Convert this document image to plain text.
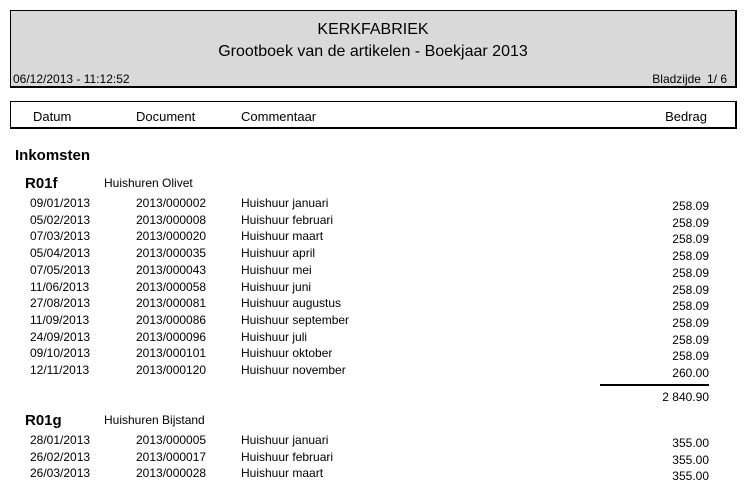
KERKFABRIEK
Grootboek van de artikelen - Boekjaar 2013
06/12/2013 - 11:12:52	Bladzijde 1/ 6
Datum	Document	Commentaar	Bedrag
Inkomsten
R01f	Huishuren Olivet
09/01/2013	2013/000002	Huishuur januari	258.09
05/02/2013	2013/000008	Huishuur februari	258.09
07/03/2013	2013/000020	Huishuur maart	258.09
05/04/2013	2013/000035	Huishuur april	258.09
07/05/2013	2013/000043	Huishuur mei	258.09
11/06/2013	2013/000058	Huishuur juni	258.09
27/08/2013	2013/000081	Huishuur augustus	258.09
11/09/2013	2013/000086	Huishuur september	258.09
24/09/2013	2013/000096	Huishuur juli	258.09
09/10/2013	2013/000101	Huishuur oktober	258.09
12/11/2013	2013/000120	Huishuur november	260.00
2 840.90
R01g	Huishuren Bijstand
28/01/2013	2013/000005	Huishuur januari	355.00
26/02/2013	2013/000017	Huishuur februari	355.00
26/03/2013	2013/000028	Huishuur maart	355.00
